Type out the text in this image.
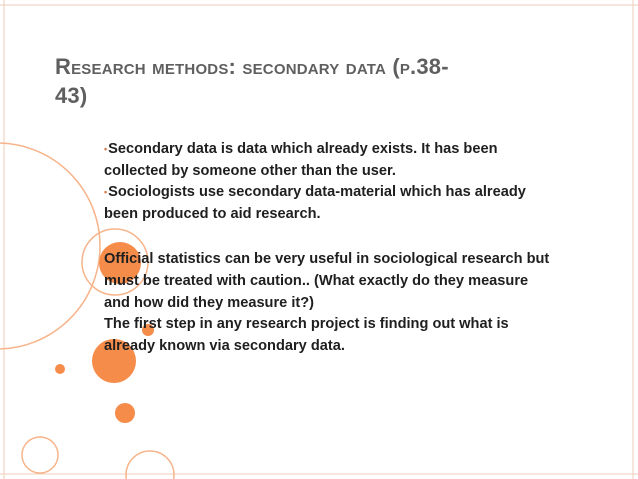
Research methods: secondary data (p.38-
43)
•Secondary data is data which already exists. It has been collected by someone other than the user.
•Sociologists use secondary data-material which has already been produced to aid research.
Official statistics can be very useful in sociological research but must be treated with caution.. (What exactly do they measure and how did they measure it?)
The first step in any research project is finding out what is already known via secondary data.
